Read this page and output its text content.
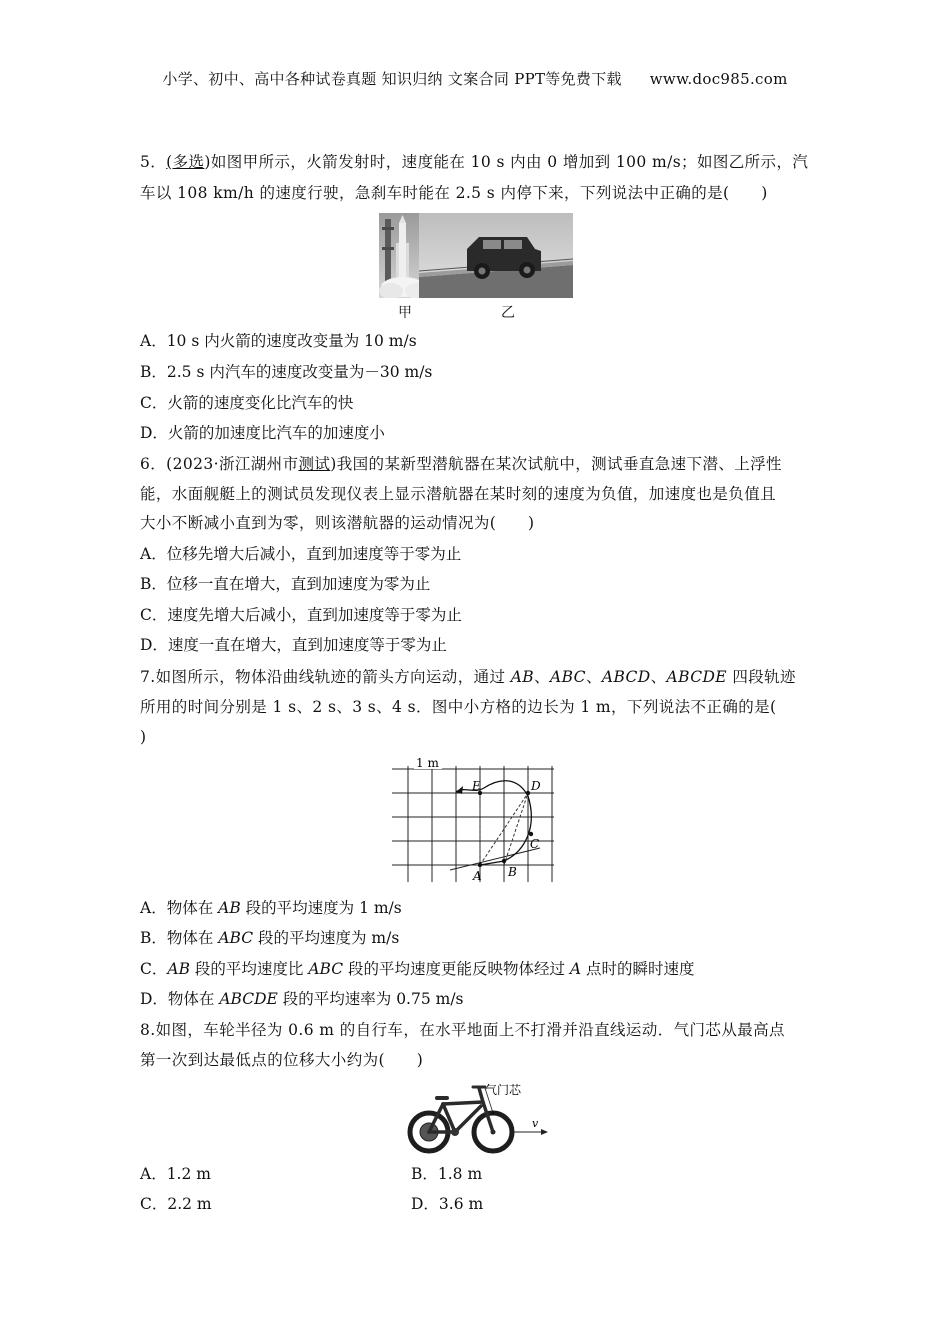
小学、初中、高中各种试卷真题 知识归纳 文案合同 PPT等免费下载 www.doc985.com
5．(多选)如图甲所示，火箭发射时，速度能在 10 s 内由 0 增加到 100 m/s；如图乙所示，汽
车以 108 km/h 的速度行驶，急刹车时能在 2.5 s 内停下来，下列说法中正确的是(　　)
甲	乙
A．10 s 内火箭的速度改变量为 10 m/s
B．2.5 s 内汽车的速度改变量为－30 m/s
C．火箭的速度变化比汽车的快
D．火箭的加速度比汽车的加速度小
6．(2023·浙江湖州市测试)我国的某新型潜航器在某次试航中，测试垂直急速下潜、上浮性
能，水面舰艇上的测试员发现仪表上显示潜航器在某时刻的速度为负值，加速度也是负值且
大小不断减小直到为零，则该潜航器的运动情况为(　　)
A．位移先增大后减小，直到加速度等于零为止
B．位移一直在增大，直到加速度为零为止
C．速度先增大后减小，直到加速度等于零为止
D．速度一直在增大，直到加速度等于零为止
7.如图所示，物体沿曲线轨迹的箭头方向运动，通过 AB、ABC、ABCD、ABCDE 四段轨迹
所用的时间分别是 1 s、2 s、3 s、4 s．图中小方格的边长为 1 m，下列说法不正确的是(
)
1 m
A B
C
D
E
A．物体在 AB 段的平均速度为 1 m/s
B．物体在 ABC 段的平均速度为 m/s
C．AB 段的平均速度比 ABC 段的平均速度更能反映物体经过 A 点时的瞬时速度
D．物体在 ABCDE 段的平均速率为 0.75 m/s
8.如图，车轮半径为 0.6 m 的自行车，在水平地面上不打滑并沿直线运动．气门芯从最高点
第一次到达最低点的位移大小约为(　　)
气门芯
v
A．1.2 m	B．1.8 m
C．2.2 m	D．3.6 m
